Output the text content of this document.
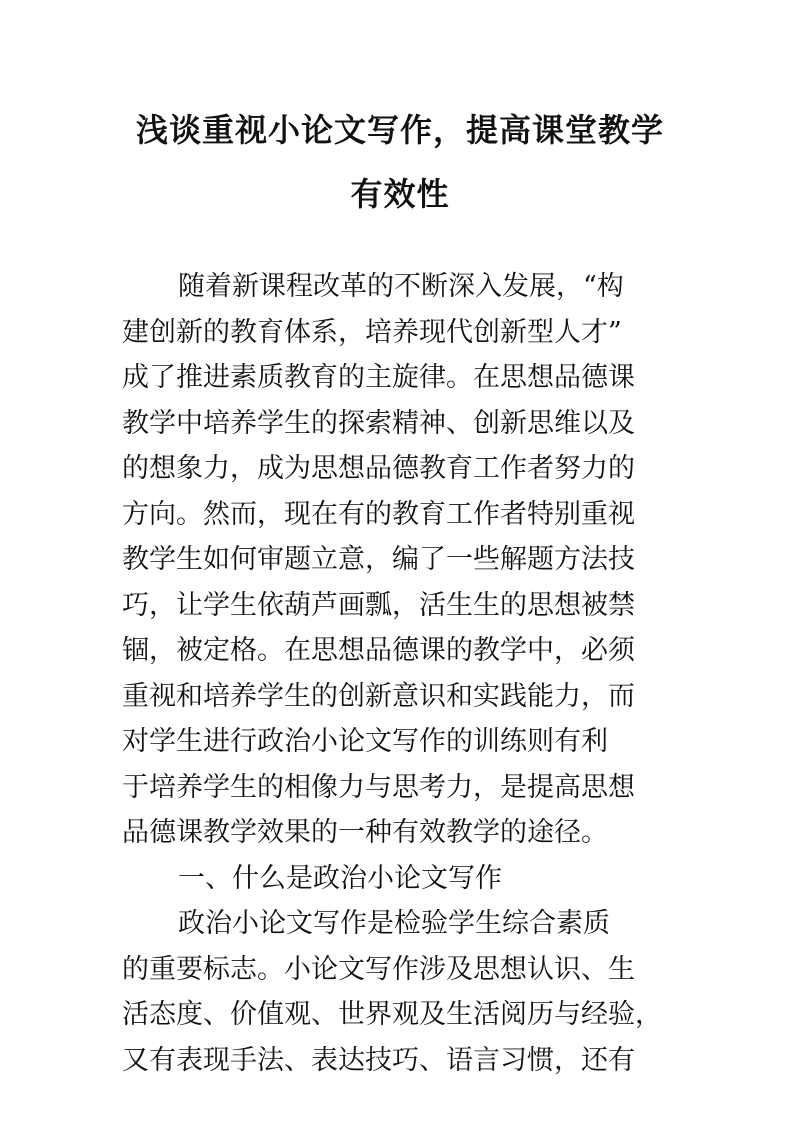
浅谈重视小论文写作，提高课堂教学
有效性
随着新课程改革的不断深入发展，“构
建创新的教育体系，培养现代创新型人才”
成了推进素质教育的主旋律。在思想品德课
教学中培养学生的探索精神、创新思维以及
的想象力，成为思想品德教育工作者努力的
方向。然而，现在有的教育工作者特别重视
教学生如何审题立意，编了一些解题方法技
巧，让学生依葫芦画瓢，活生生的思想被禁
锢，被定格。在思想品德课的教学中，必须
重视和培养学生的创新意识和实践能力，而
对学生进行政治小论文写作的训练则有利
于培养学生的相像力与思考力，是提高思想
品德课教学效果的一种有效教学的途径。
一、什么是政治小论文写作
政治小论文写作是检验学生综合素质
的重要标志。小论文写作涉及思想认识、生
活态度、价值观、世界观及生活阅历与经验，
又有表现手法、表达技巧、语言习惯，还有
